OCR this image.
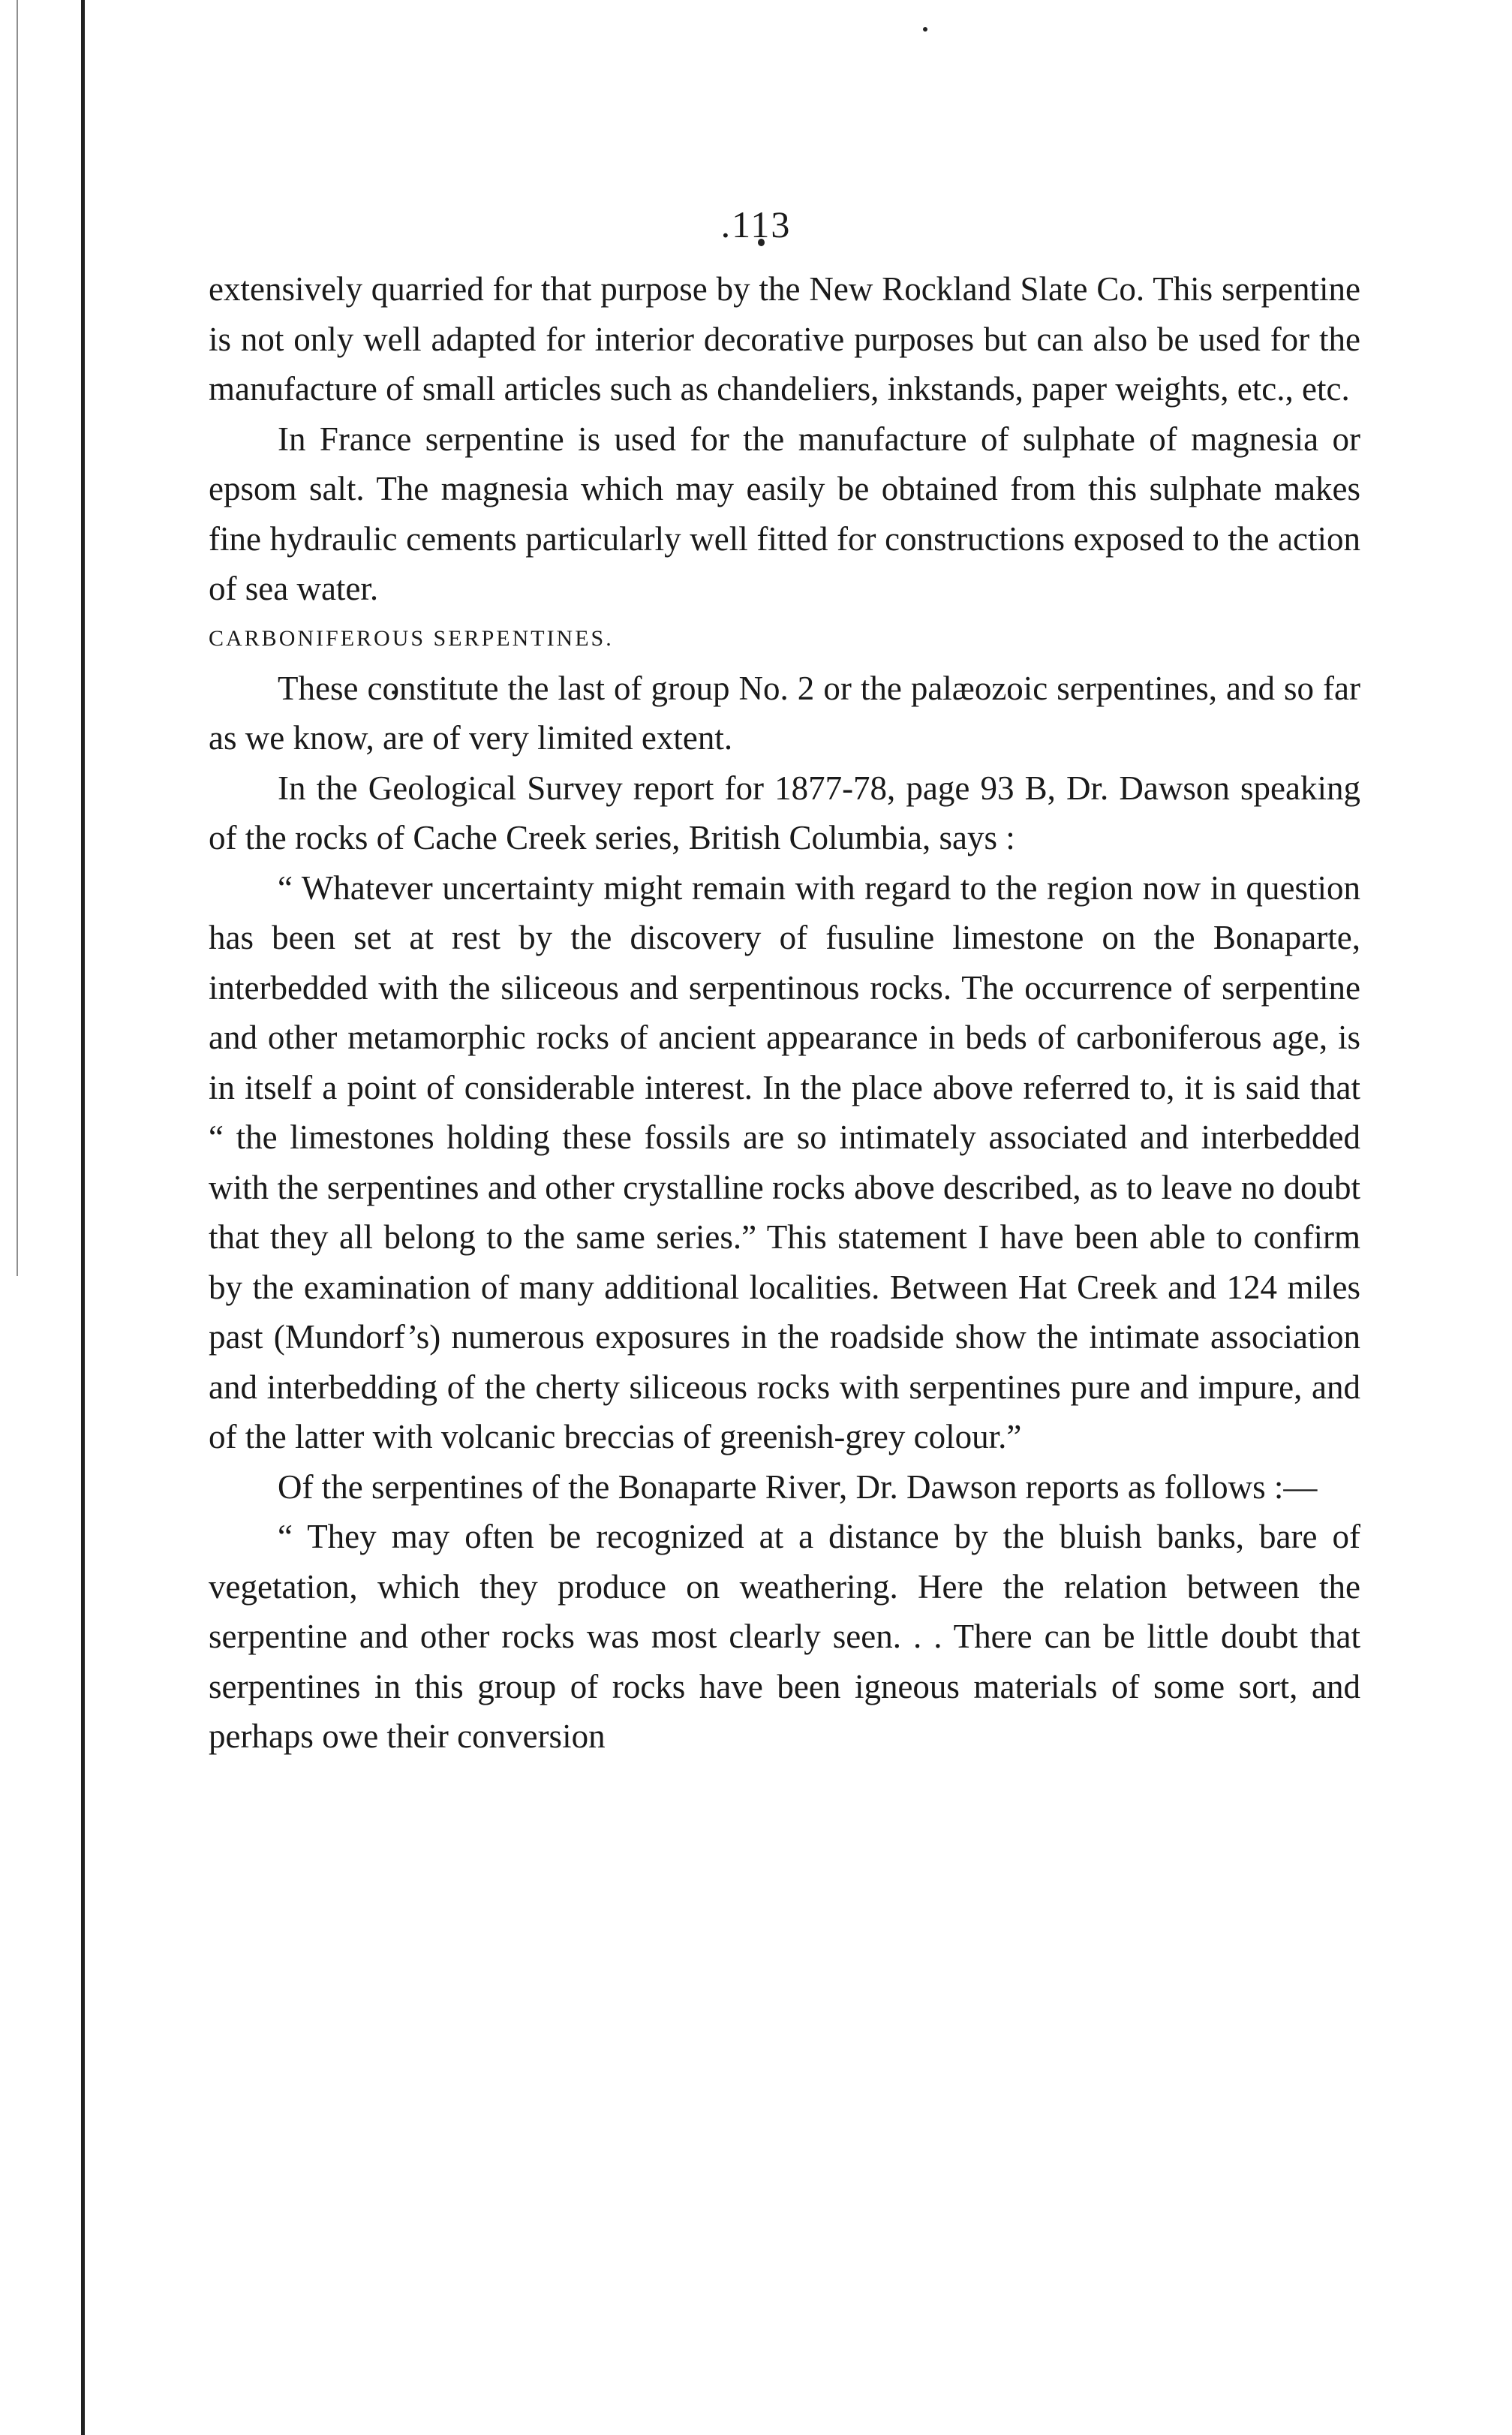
.113

extensively quarried for that purpose by the New Rockland Slate Co. This serpentine is not only well adapted for interior decorative purposes but can also be used for the manufacture of small articles such as chandeliers, inkstands, paper weights, etc., etc.

In France serpentine is used for the manufacture of sulphate of magnesia or epsom salt. The magnesia which may easily be obtained from this sulphate makes fine hydraulic cements particularly well fitted for constructions exposed to the action of sea water.

CARBONIFEROUS SERPENTINES.

These constitute the last of group No. 2 or the palæozoic serpentines, and so far as we know, are of very limited extent.

In the Geological Survey report for 1877-78, page 93 B, Dr. Dawson speaking of the rocks of Cache Creek series, British Columbia, says :

“ Whatever uncertainty might remain with regard to the region now in question has been set at rest by the discovery of fusuline limestone on the Bonaparte, interbedded with the siliceous and serpentinous rocks. The occurrence of serpentine and other metamorphic rocks of ancient appearance in beds of carboniferous age, is in itself a point of considerable interest. In the place above referred to, it is said that “ the limestones holding these fossils are so intimately associated and interbedded with the serpentines and other crystalline rocks above described, as to leave no doubt that they all belong to the same series.” This statement I have been able to confirm by the examination of many additional localities. Between Hat Creek and 124 miles past (Mundorf’s) numerous exposures in the roadside show the intimate association and interbedding of the cherty siliceous rocks with serpentines pure and impure, and of the latter with volcanic breccias of greenish-grey colour.”

Of the serpentines of the Bonaparte River, Dr. Dawson reports as follows :—

“ They may often be recognized at a distance by the bluish banks, bare of vegetation, which they produce on weathering. Here the relation between the serpentine and other rocks was most clearly seen. . . There can be little doubt that serpentines in this group of rocks have been igneous materials of some sort, and perhaps owe their conversion
